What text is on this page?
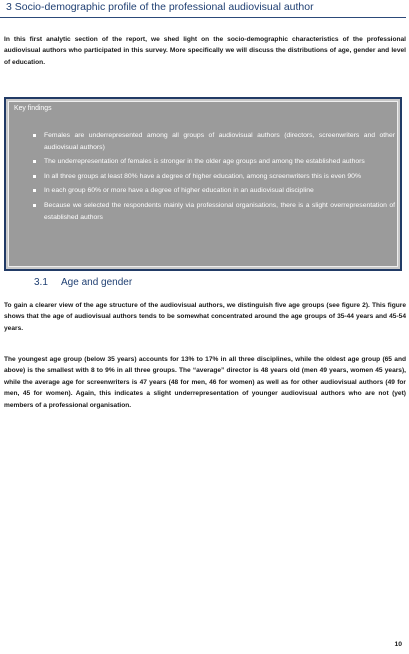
3 Socio-demographic profile of the professional audiovisual author

In this first analytic section of the report, we shed light on the socio-demographic characteristics of the professional audiovisual authors who participated in this survey. More specifically we will discuss the distributions of age, gender and level of education.

Key findings
Females are underrepresented among all groups of audiovisual authors (directors, screenwriters and other audiovisual authors)
The underrepresentation of females is stronger in the older age groups and among the established authors
In all three groups at least 80% have a degree of higher education, among screenwriters this is even 90%
In each group 60% or more have a degree of higher education in an audiovisual discipline
Because we selected the respondents mainly via professional organisations, there is a slight overrepresentation of established authors
3.1 Age and gender

To gain a clearer view of the age structure of the audiovisual authors, we distinguish five age groups (see figure 2). This figure shows that the age of audiovisual authors tends to be somewhat concentrated around the age groups of 35-44 years and 45-54 years.

The youngest age group (below 35 years) accounts for 13% to 17% in all three disciplines, while the oldest age group (65 and above) is the smallest with 8 to 9% in all three groups. The “average” director is 48 years old (men 49 years, women 45 years), while the average age for screenwriters is 47 years (48 for men, 46 for women) as well as for other audiovisual authors (49 for men, 45 for women). Again, this indicates a slight underrepresentation of younger audiovisual authors who are not (yet) members of a professional organisation.

10
